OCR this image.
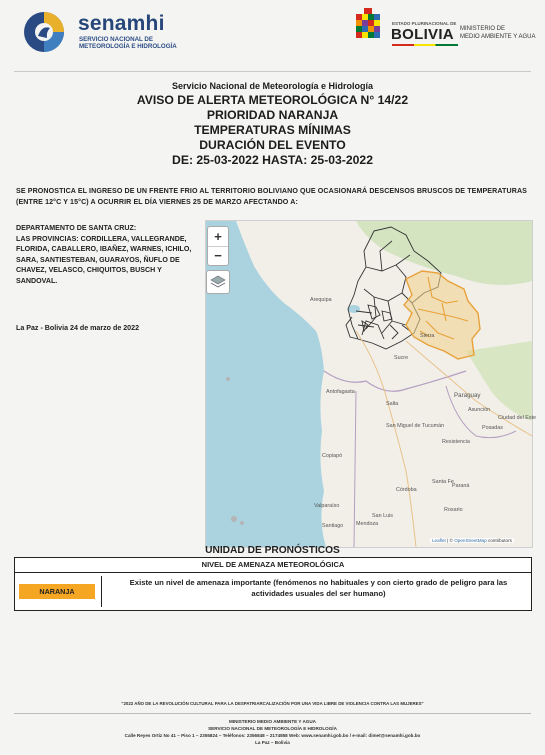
senamhi
SERVICIO NACIONAL DE
METEOROLOGÍA E HIDROLOGÍA
ESTADO PLURINACIONAL DE
BOLIVIA MINISTERIO DE
MEDIO AMBIENTE Y AGUA
Servicio Nacional de Meteorología e Hidrología
AVISO DE ALERTA METEOROLÓGICA N° 14/22
PRIORIDAD NARANJA
TEMPERATURAS MÍNIMAS
DURACIÓN DEL EVENTO
DE: 25-03-2022 HASTA: 25-03-2022
SE PRONOSTICA EL INGRESO DE UN FRENTE FRIO AL TERRITORIO BOLIVIANO QUE OCASIONARÁ DESCENSOS BRUSCOS DE TEMPERATURAS (ENTRE 12°C Y 15°C) A OCURRIR EL DÍA VIERNES 25 DE MARZO AFECTANDO A:
DEPARTAMENTO DE SANTA CRUZ:
LAS PROVINCIAS: CORDILLERA, VALLEGRANDE, FLORIDA, CABALLERO, IBAÑEZ, WARNES, ICHILO, SARA, SANTIESTEBAN, GUARAYOS, ÑUFLO DE CHAVEZ, VELASCO, CHIQUITOS, BUSCH Y SANDOVAL.
La Paz - Bolivia 24 de marzo de 2022
Arequipa
Sierra
Sucre
Antofagasta
Salta
Paraguay
Asunción
San Miguel de Tucumán
Resistencia
Posadas
Ciudad del Este
Copiapó
Córdoba
Santa Fe
Paraná
Rosario
San Luis
Mendoza
Valparaíso
Santiago
+
−
Leaflet | © OpenStreetMap contributors
UNIDAD DE PRONÓSTICOS
NIVEL DE AMENAZA METEOROLÓGICA
NARANJA
Existe un nivel de amenaza importante (fenómenos no habituales y con cierto grado de peligro para las actividades usuales del ser humano)
"2022 AÑO DE LA REVOLUCIÓN CULTURAL PARA LA DESPATRIARCALIZACIÓN POR UNA VIDA LIBRE DE VIOLENCIA CONTRA LAS MUJERES"
MINISTERIO MEDIO AMBIENTE Y AGUA
SERVICIO NACIONAL DE METEOROLOGÍA E HIDROLOGÍA
Calle Reyes Ortiz No 41 – Piso 1 – 2355824 – Teléfonos: 2356848 – 2174858 Web: www.senamhi.gob.bo / e-mail: dimet@senamhi.gob.bo
La Paz – Bolivia
